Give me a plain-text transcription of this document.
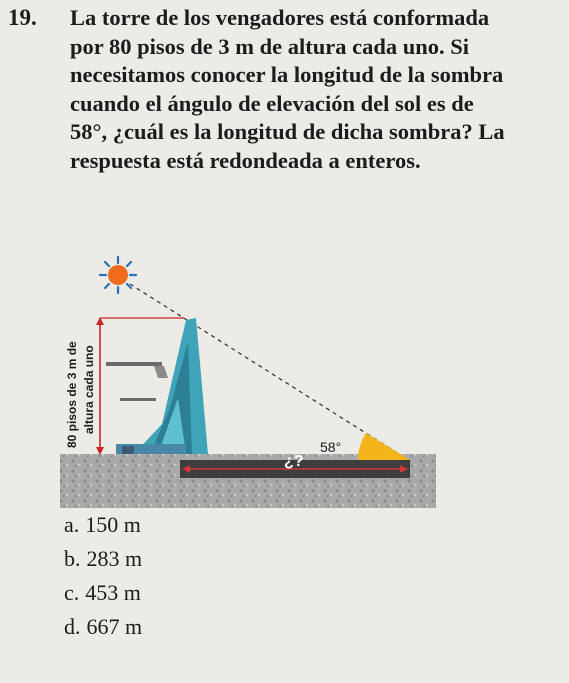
19. La torre de los vengadores está conformada
por 80 pisos de 3 m de altura cada uno. Si
necesitamos conocer la longitud de la sombra
cuando el ángulo de elevación del sol es de
58°, ¿cuál es la longitud de dicha sombra? La
respuesta está redondeada a enteros.
80 pisos de 3 m de altura cada uno
58°
¿?
a. 150 m
b. 283 m
c. 453 m
d. 667 m
